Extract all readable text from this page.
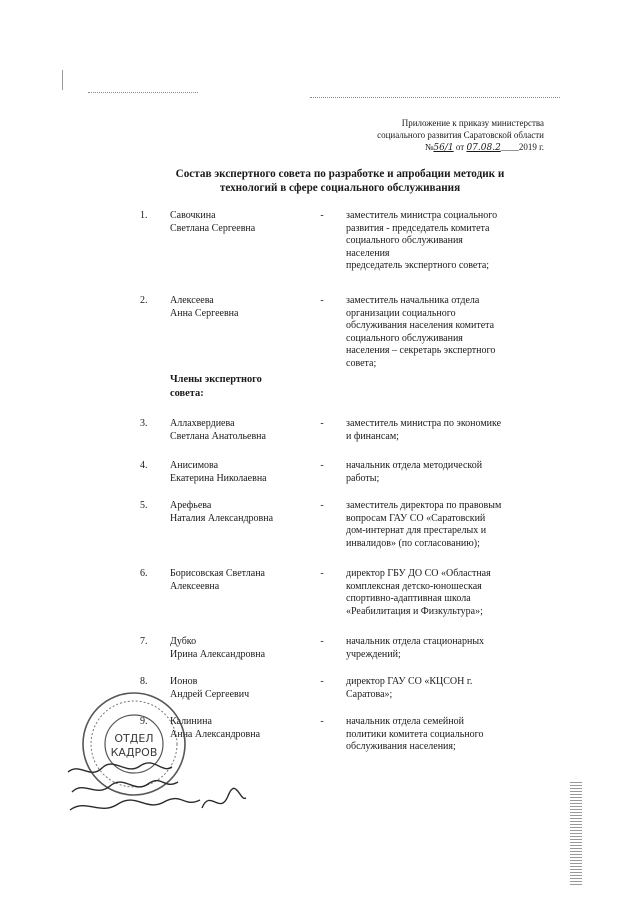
Приложение к приказу министерства
социального развития Саратовской области
№56/1 от 07.08.2____2019 г.
Состав экспертного совета по разработке и апробации методик и
технологий в сфере социального обслуживания
1.	Савочкина
Светлана Сергеевна
-	заместитель министра социального
развития - председатель комитета
социального обслуживания
населения
председатель экспертного совета;
2.	Алексеева
Анна Сергеевна
-	заместитель начальника отдела
организации социального
обслуживания населения комитета
социального обслуживания
населения – секретарь экспертного
совета;
Члены экспертного
совета:
3.	Аллахвердиева
Светлана Анатольевна
-	заместитель министра по экономике
и финансам;
4.	Анисимова
Екатерина Николаевна
-	начальник отдела методической
работы;
5.	Арефьева
Наталия Александровна
-	заместитель директора по правовым
вопросам ГАУ СО «Саратовский
дом-интернат для престарелых и
инвалидов» (по согласованию);
6.	Борисовская Светлана
Алексеевна
-	директор ГБУ ДО СО «Областная
комплексная детско-юношеская
спортивно-адаптивная школа
«Реабилитация и Физкультура»;
7.	Дубко
Ирина Александровна
-	начальник отдела стационарных
учреждений;
8.	Ионов
Андрей Сергеевич
-	директор ГАУ СО «КЦСОН г.
Саратова»;
9.	Калинина
Анна Александровна
-	начальник отдела семейной
политики комитета социального
обслуживания населения;
ОТДЕЛ
КАДРОВ
